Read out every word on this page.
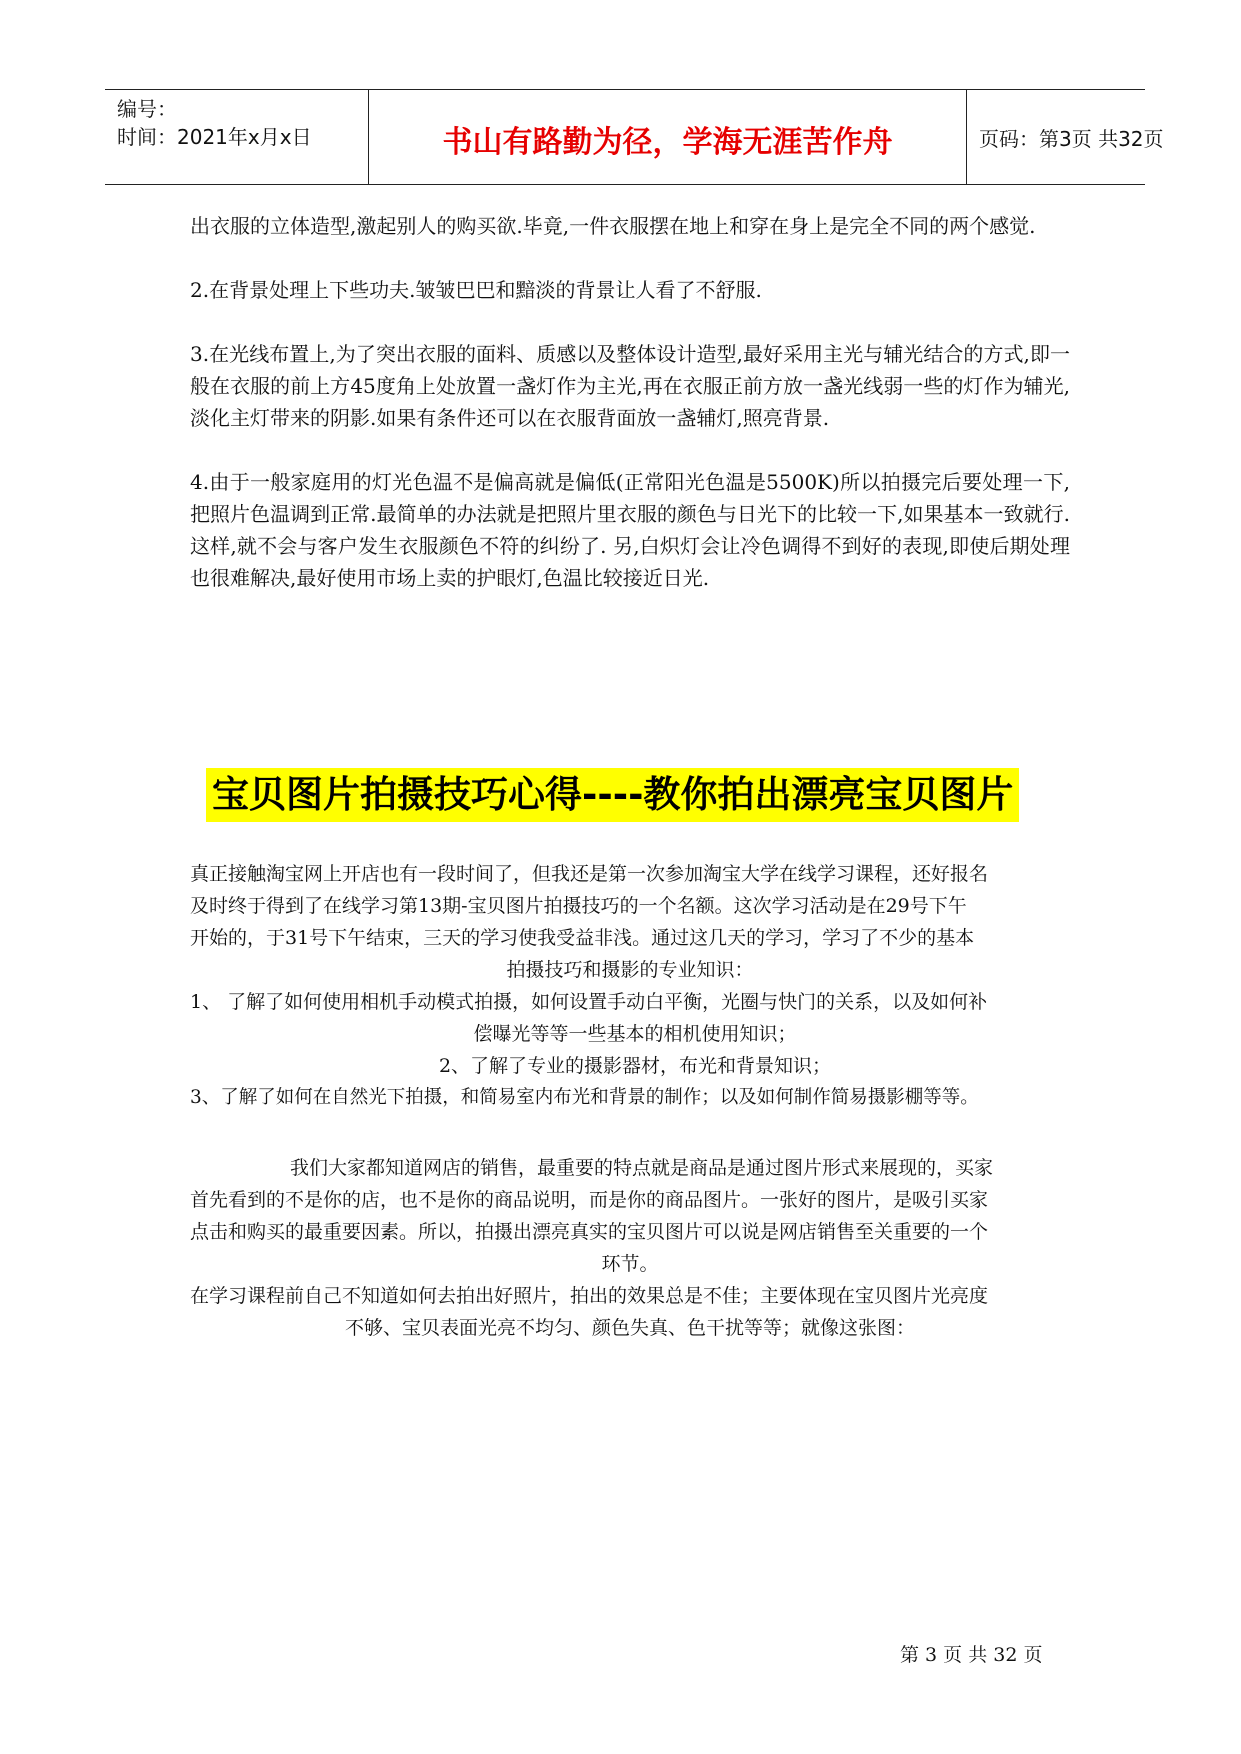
编号：
时间：2021年x月x日	书山有路勤为径，学海无涯苦作舟	页码：第3页 共32页

出衣服的立体造型,激起别人的购买欲.毕竟,一件衣服摆在地上和穿在身上是完全不同的两个感觉.

2.在背景处理上下些功夫.皱皱巴巴和黯淡的背景让人看了不舒服.

3.在光线布置上,为了突出衣服的面料、质感以及整体设计造型,最好采用主光与辅光结合的方式,即一般在衣服的前上方45度角上处放置一盏灯作为主光,再在衣服正前方放一盏光线弱一些的灯作为辅光,淡化主灯带来的阴影.如果有条件还可以在衣服背面放一盏辅灯,照亮背景.

4.由于一般家庭用的灯光色温不是偏高就是偏低(正常阳光色温是5500K)所以拍摄完后要处理一下,把照片色温调到正常.最简单的办法就是把照片里衣服的颜色与日光下的比较一下,如果基本一致就行.这样,就不会与客户发生衣服颜色不符的纠纷了. 另,白炽灯会让冷色调得不到好的表现,即使后期处理也很难解决,最好使用市场上卖的护眼灯,色温比较接近日光.

宝贝图片拍摄技巧心得----教你拍出漂亮宝贝图片

真正接触淘宝网上开店也有一段时间了，但我还是第一次参加淘宝大学在线学习课程，还好报名

及时终于得到了在线学习第13期-宝贝图片拍摄技巧的一个名额。这次学习活动是在29号下午

开始的，于31号下午结束，三天的学习使我受益非浅。通过这几天的学习，学习了不少的基本

拍摄技巧和摄影的专业知识：

1、 了解了如何使用相机手动模式拍摄，如何设置手动白平衡，光圈与快门的关系，以及如何补

偿曝光等等一些基本的相机使用知识；

2、了解了专业的摄影器材，布光和背景知识；

3、了解了如何在自然光下拍摄，和简易室内布光和背景的制作；以及如何制作简易摄影棚等等。

我们大家都知道网店的销售，最重要的特点就是商品是通过图片形式来展现的，买家

首先看到的不是你的店，也不是你的商品说明，而是你的商品图片。一张好的图片，是吸引买家

点击和购买的最重要因素。所以，拍摄出漂亮真实的宝贝图片可以说是网店销售至关重要的一个

环节。

在学习课程前自己不知道如何去拍出好照片，拍出的效果总是不佳；主要体现在宝贝图片光亮度

不够、宝贝表面光亮不均匀、颜色失真、色干扰等等；就像这张图：

第 3 页 共 32 页
